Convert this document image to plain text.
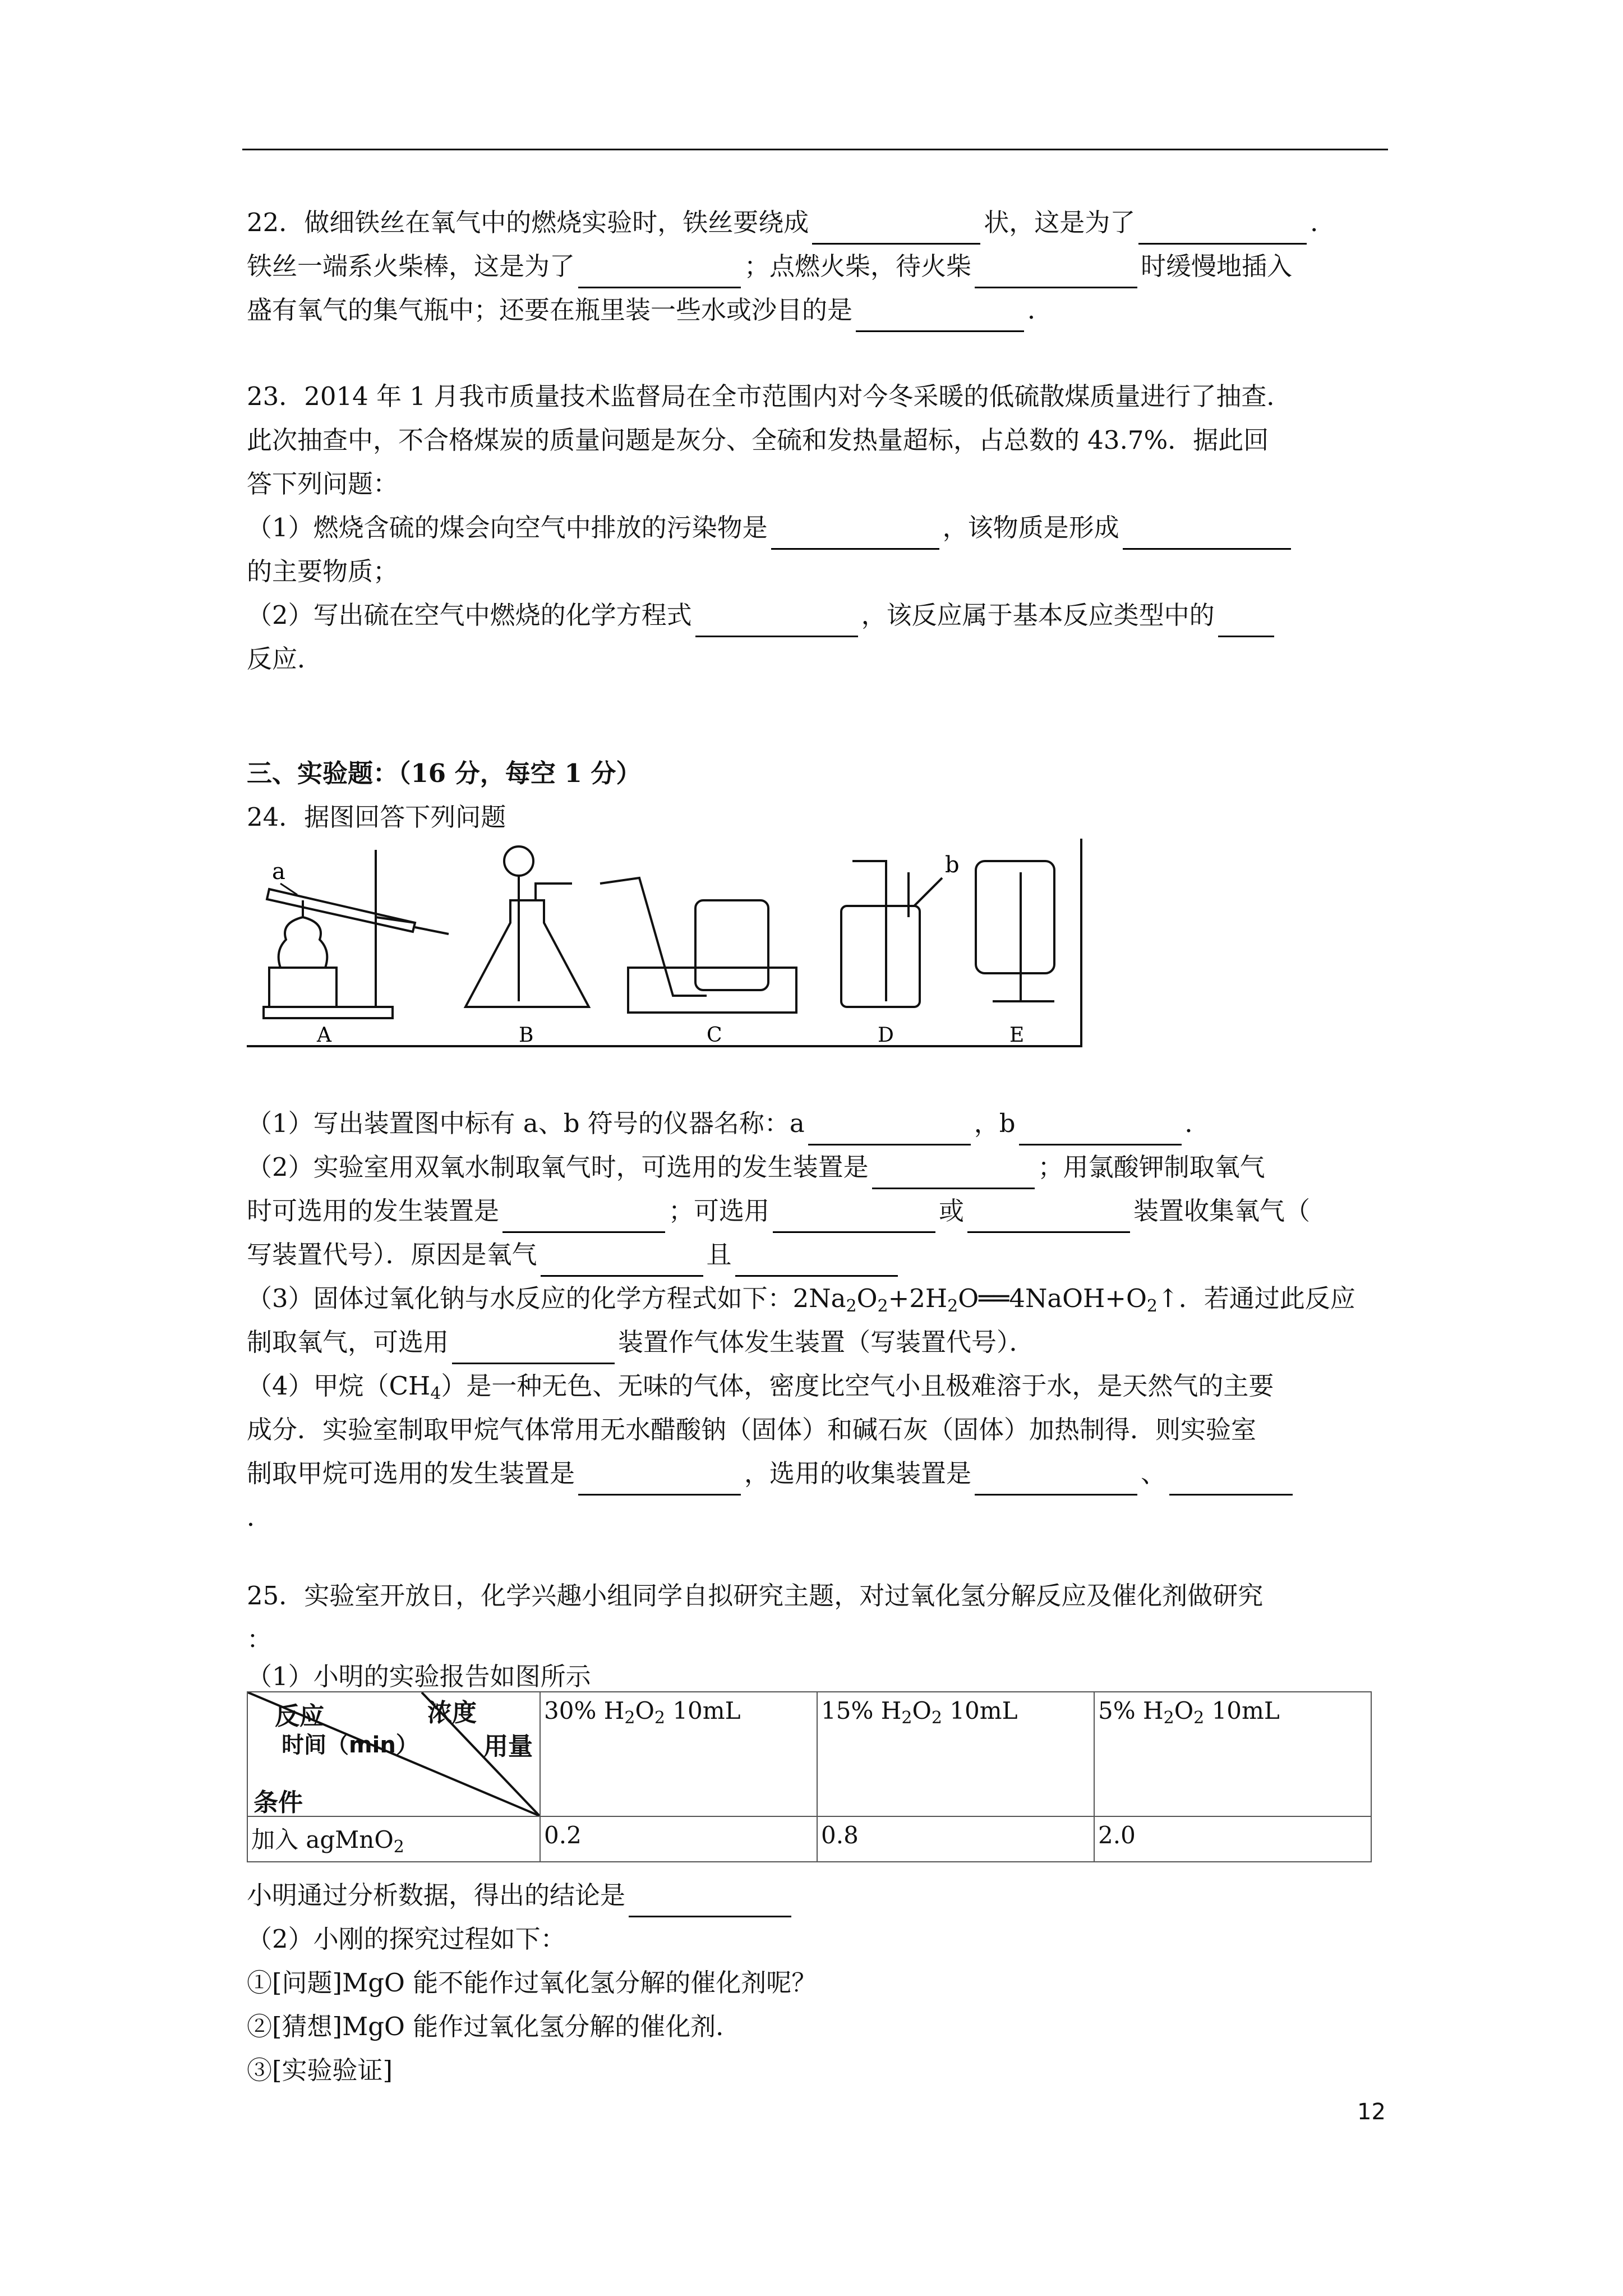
22．做细铁丝在氧气中的燃烧实验时，铁丝要绕成	状，这是为了	．
铁丝一端系火柴棒，这是为了	；点燃火柴，待火柴	时缓慢地插入
盛有氧气的集气瓶中；还要在瓶里装一些水或沙目的是	．
23．2014 年 1 月我市质量技术监督局在全市范围内对今冬采暖的低硫散煤质量进行了抽查．
此次抽查中，不合格煤炭的质量问题是灰分、全硫和发热量超标，占总数的 43.7%．据此回
答下列问题：
（1）燃烧含硫的煤会向空气中排放的污染物是	，该物质是形成
的主要物质；
（2）写出硫在空气中燃烧的化学方程式	，该反应属于基本反应类型中的
反应．
三、实验题：（16 分，每空 1 分）
24．据图回答下列问题
a	b
A	B	C	D	E
（1）写出装置图中标有 a、b 符号的仪器名称：a	，b	．
（2）实验室用双氧水制取氧气时，可选用的发生装置是	；用氯酸钾制取氧气
时可选用的发生装置是	；可选用	或	装置收集氧气（
写装置代号）．原因是氧气	且
（3）固体过氧化钠与水反应的化学方程式如下：$2Na_2O_2+2H_2O══4NaOH+O_2↑$．若通过此反应
制取氧气，可选用	装置作气体发生装置（写装置代号）．
（4）甲烷$(CH_4)$是一种无色、无味的气体，密度比空气小且极难溶于水，是天然气的主要
成分．实验室制取甲烷气体常用无水醋酸钠（固体）和碱石灰（固体）加热制得．则实验室
制取甲烷可选用的发生装置是	，选用的收集装置是	、
．
25．实验室开放日，化学兴趣小组同学自拟研究主题，对过氧化氢分解反应及催化剂做研究
：
（1）小明的实验报告如图所示
反应
时间（min）
浓度
用量
条件	30% $H_2O_2$ 10mL	15% $H_2O_2$ 10mL	5% $H_2O_2$ 10mL
加入 agMnO$_2$	0.2	0.8	2.0
小明通过分析数据，得出的结论是
（2）小刚的探究过程如下：
①[问题]MgO 能不能作过氧化氢分解的催化剂呢？
②[猜想]MgO 能作过氧化氢分解的催化剂．
③[实验验证]
12
